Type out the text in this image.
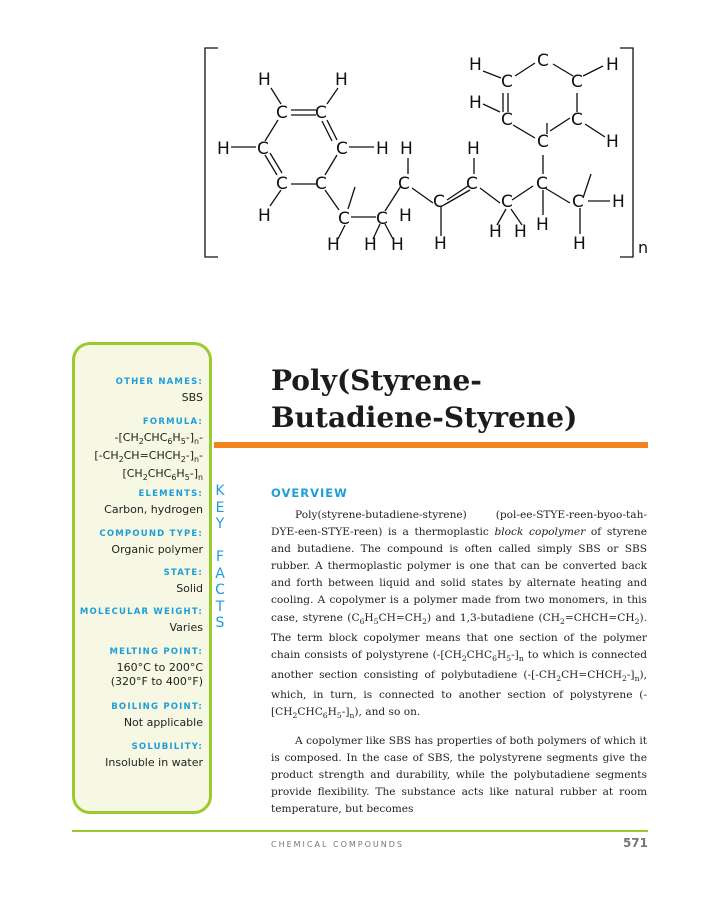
H	H
C C
H C	C H H	H
C C	C	C	C
H	C C H
C	C	C H
H
H H
H H H H	H
H	C	H
C	C
H
C	C
C	H
n
OTHER NAMES:
SBS
FORMULA:
$-[CH_2CHC_6H_5-]_n-$
$[-CH_2CH=CHCH_2-]_n-$
$[CH_2CHC_6H_5-]_n$
ELEMENTS:
Carbon, hydrogen
COMPOUND TYPE:
Organic polymer
STATE:
Solid
MOLECULAR WEIGHT:
Varies
MELTING POINT:
160°C to 200°C
(320°F to 400°F)
BOILING POINT:
Not applicable
SOLUBILITY:
Insoluble in water
K
E
Y

F
A
C
T
S
Poly(Styrene-
Butadiene-Styrene)
OVERVIEW

Poly(styrene-butadiene-styrene) (pol-ee-STYE-reen-byoo-tah-DYE-een-STYE-reen) is a thermoplastic block copolymer of styrene and butadiene. The compound is often called simply SBS or SBS rubber. A thermoplastic polymer is one that can be converted back and forth between liquid and solid states by alternate heating and cooling. A copolymer is a polymer made from two monomers, in this case, styrene $(C_6H_5CH=CH_2)$ and 1,3-butadiene $(CH_2=CHCH=CH_2)$. The term block copolymer means that one section of the polymer chain consists of polystyrene ($-[CH_2CHC_6H_5-]_n$ to which is connected another section consisting of polybutadiene $(-[-CH_2CH=CHCH_2-]_n)$, which, in turn, is connected to another section of polystyrene $(-[CH_2CHC_6H_5-]_n)$, and so on.

A copolymer like SBS has properties of both polymers of which it is composed. In the case of SBS, the polystyrene segments give the product strength and durability, while the polybutadiene segments provide flexibility. The substance acts like natural rubber at room temperature, but becomes

CHEMICAL COMPOUNDS	571
